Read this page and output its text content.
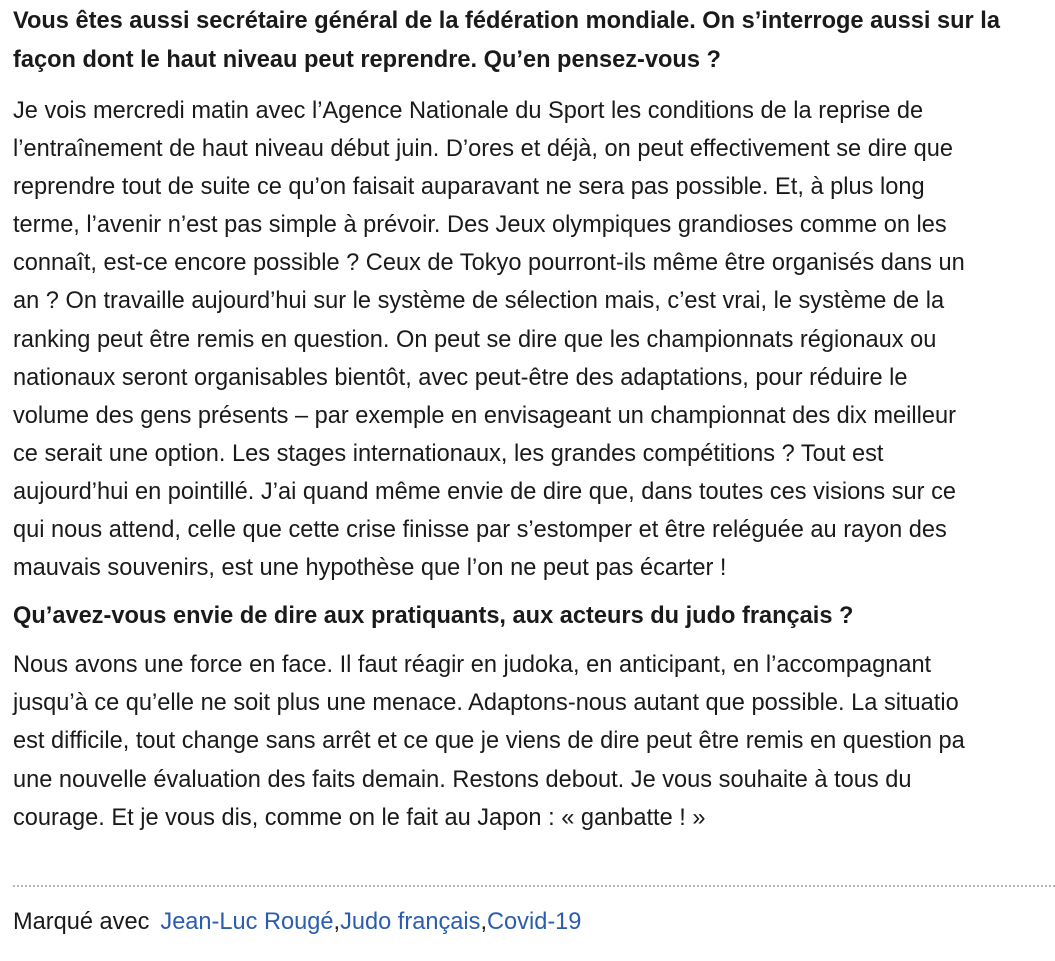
Vous êtes aussi secrétaire général de la fédération mondiale. On s’interroge aussi sur la
façon dont le haut niveau peut reprendre. Qu’en pensez-vous ?
Je vois mercredi matin avec l’Agence Nationale du Sport les conditions de la reprise de
l’entraînement de haut niveau début juin. D’ores et déjà, on peut effectivement se dire que
reprendre tout de suite ce qu’on faisait auparavant ne sera pas possible. Et, à plus long
terme, l’avenir n’est pas simple à prévoir. Des Jeux olympiques grandioses comme on les
connaît, est-ce encore possible ? Ceux de Tokyo pourront-ils même être organisés dans un
an ? On travaille aujourd’hui sur le système de sélection mais, c’est vrai, le système de la
ranking peut être remis en question. On peut se dire que les championnats régionaux ou
nationaux seront organisables bientôt, avec peut-être des adaptations, pour réduire le
volume des gens présents – par exemple en envisageant un championnat des dix meilleur
ce serait une option. Les stages internationaux, les grandes compétitions ? Tout est
aujourd’hui en pointillé. J’ai quand même envie de dire que, dans toutes ces visions sur ce
qui nous attend, celle que cette crise finisse par s’estomper et être reléguée au rayon des
mauvais souvenirs, est une hypothèse que l’on ne peut pas écarter !
Qu’avez-vous envie de dire aux pratiquants, aux acteurs du judo français ?
Nous avons une force en face. Il faut réagir en judoka, en anticipant, en l’accompagnant
jusqu’à ce qu’elle ne soit plus une menace. Adaptons-nous autant que possible. La situatio
est difficile, tout change sans arrêt et ce que je viens de dire peut être remis en question pa
une nouvelle évaluation des faits demain. Restons debout. Je vous souhaite à tous du
courage. Et je vous dis, comme on le fait au Japon : « ganbatte ! »
Marqué avec Jean-Luc Rougé,Judo français,Covid-19
